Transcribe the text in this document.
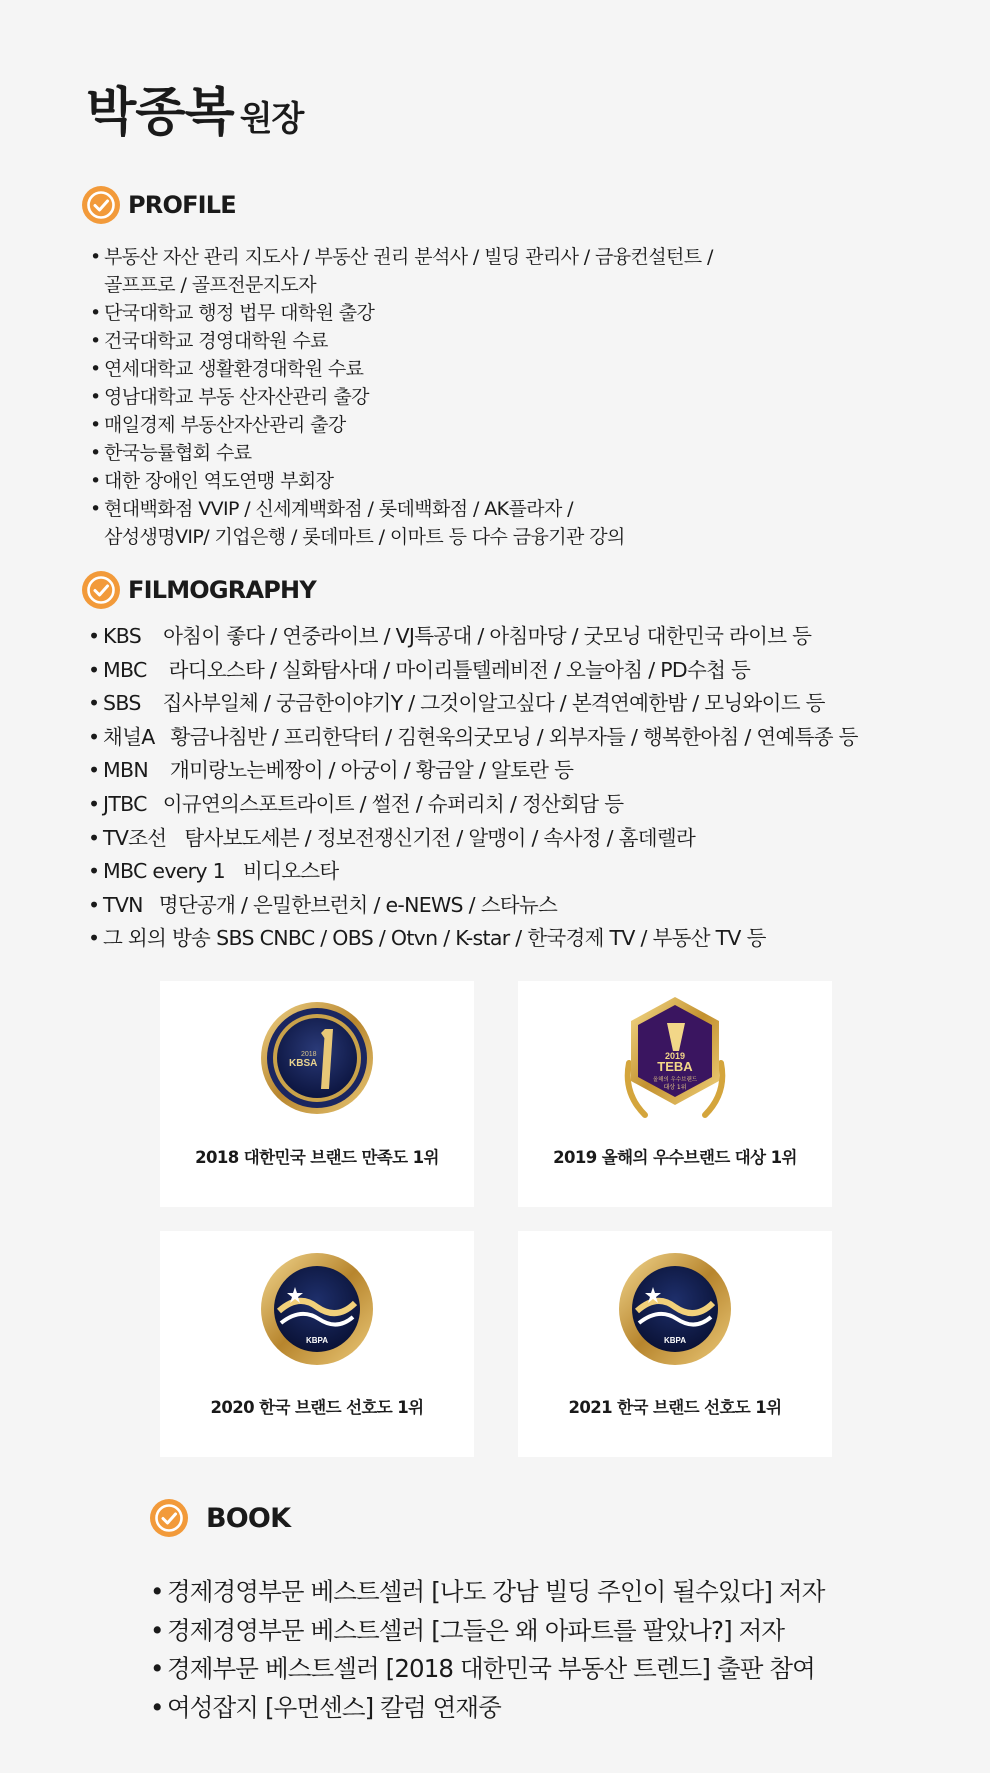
박종복 원장
PROFILE
• 부동산 자산 관리 지도사 / 부동산 권리 분석사 / 빌딩 관리사 / 금융컨설턴트 /
골프프로 / 골프전문지도자
• 단국대학교 행정 법무 대학원 출강
• 건국대학교 경영대학원 수료
• 연세대학교 생활환경대학원 수료
• 영남대학교 부동 산자산관리 출강
• 매일경제 부동산자산관리 출강
• 한국능률협회 수료
• 대한 장애인 역도연맹 부회장
• 현대백화점 VVIP / 신세계백화점 / 롯데백화점 / AK플라자 /
삼성생명VIP/ 기업은행 / 롯데마트 / 이마트 등 다수 금융기관 강의
FILMOGRAPHY
• KBS 아침이 좋다 / 연중라이브 / VJ특공대 / 아침마당 / 굿모닝 대한민국 라이브 등
• MBC 라디오스타 / 실화탐사대 / 마이리틀텔레비전 / 오늘아침 / PD수첩 등
• SBS 집사부일체 / 궁금한이야기Y / 그것이알고싶다 / 본격연예한밤 / 모닝와이드 등
• 채널A 황금나침반 / 프리한닥터 / 김현욱의굿모닝 / 외부자들 / 행복한아침 / 연예특종 등
• MBN 개미랑노는베짱이 / 아궁이 / 황금알 / 알토란 등
• JTBC 이규연의스포트라이트 / 썰전 / 슈퍼리치 / 정산회담 등
• TV조선 탐사보도세븐 / 정보전쟁신기전 / 알맹이 / 속사정 / 홈데렐라
• MBC every 1 비디오스타
• TVN 명단공개 / 은밀한브런치 / e-NEWS / 스타뉴스
• 그 외의 방송 SBS CNBC / OBS / Otvn / K-star / 한국경제 TV / 부동산 TV 등
2018
KBSA
2018 대한민국 브랜드 만족도 1위
2019
TEBA
올해의 우수브랜드
대상 1위
2019 올해의 우수브랜드 대상 1위
KBPA
2020 한국 브랜드 선호도 1위
KBPA
2021 한국 브랜드 선호도 1위
BOOK
• 경제경영부문 베스트셀러 [나도 강남 빌딩 주인이 될수있다] 저자
• 경제경영부문 베스트셀러 [그들은 왜 아파트를 팔았나?] 저자
• 경제부문 베스트셀러 [2018 대한민국 부동산 트렌드] 출판 참여
• 여성잡지 [우먼센스] 칼럼 연재중
